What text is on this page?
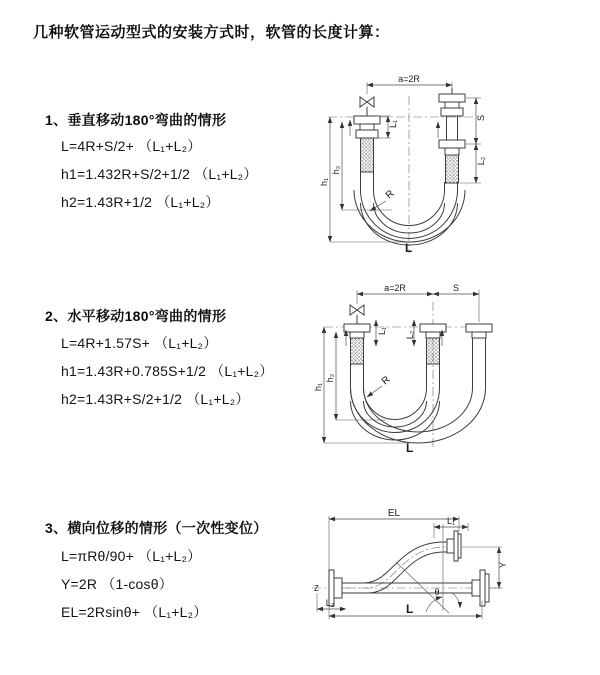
几种软管运动型式的安装方式时，软管的长度计算：
1、垂直移动180°弯曲的情形
L=4R+S/2+ （L₁+L₂）
h1=1.432R+S/2+1/2 （L₁+L₂）
h2=1.43R+1/2 （L₁+L₂）
2、水平移动180°弯曲的情形
L=4R+1.57S+ （L₁+L₂）
h1=1.43R+0.785S+1/2 （L₁+L₂）
h2=1.43R+S/2+1/2 （L₁+L₂）
3、横向位移的情形（一次性变位）
L=πRθ/90+ （L₁+L₂）
Y=2R （1-cosθ）
EL=2Rsinθ+ （L₁+L₂）
a=2R
h₁
h₂
L₁
S
L₂
R
L
a=2R	S
h₁
h₂
L₁ L₂
R
L
EL
L₁
Z	θ
Y
L₂	L
